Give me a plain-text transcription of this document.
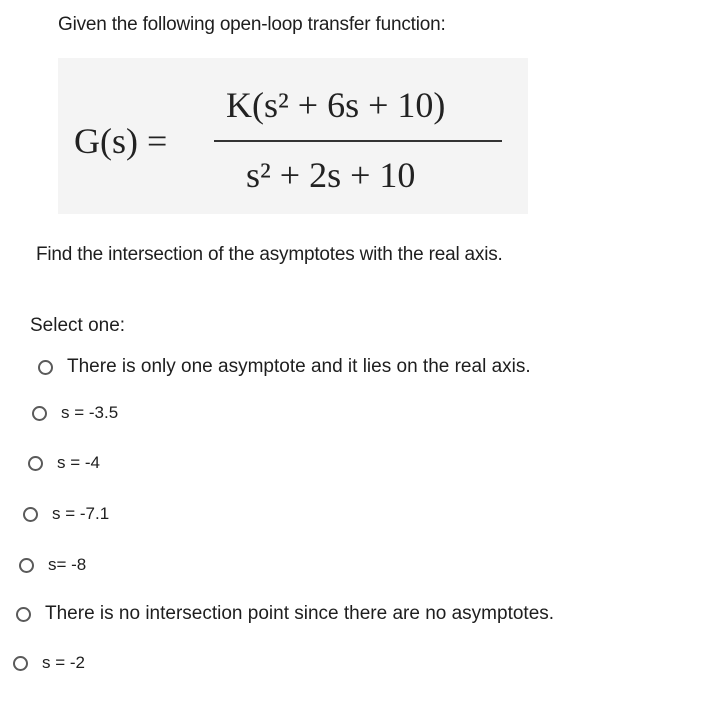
Given the following open-loop transfer function:
G(s) =
K(s² + 6s + 10)
s² + 2s + 10
Find the intersection of the asymptotes with the real axis.
Select one:
There is only one asymptote and it lies on the real axis.
s = -3.5
s = -4
s = -7.1
s= -8
There is no intersection point since there are no asymptotes.
s = -2
